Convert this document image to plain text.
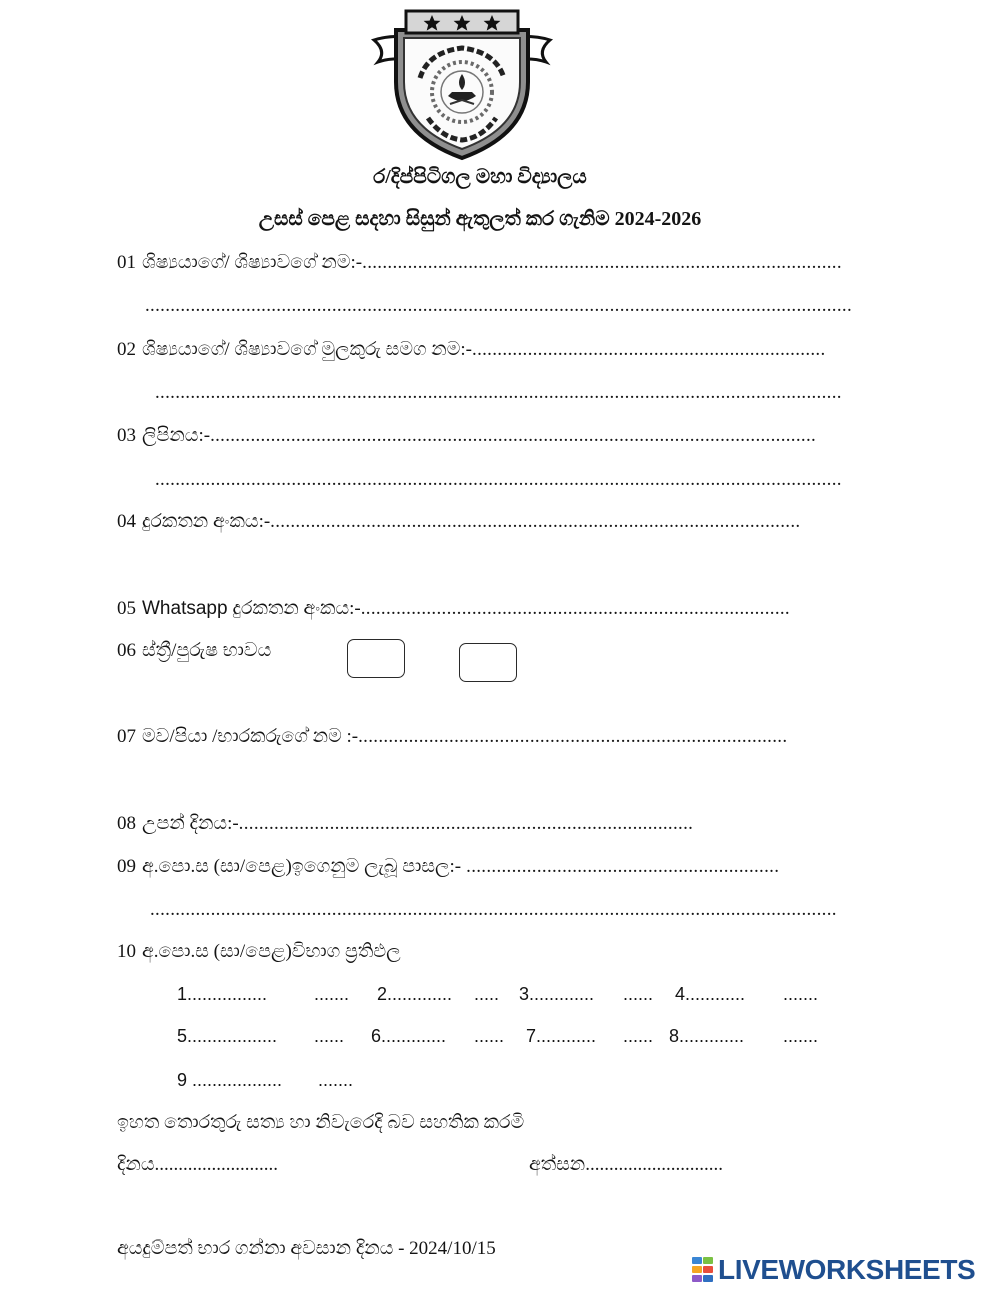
ර/දිප්පිටිගල මහා විද්‍යාලය
උසස් පෙළ සදහා සිසුන් ඇතුලත් කර ගැනිම 2024-2026
01 ශිෂ්‍යයාගේ/ ශිෂ්‍යාවගේ නම:- ...............................................................................................
............................................................................................................................................
02 ශිෂ්‍යයාගේ/ ශිෂ්‍යාවගේ මුලකුරු සමග නම:- ......................................................................
........................................................................................................................................
03 ලිපිනය:- ........................................................................................................................
........................................................................................................................................
04 දුරකතන අංකය:- .........................................................................................................
05 Whatsapp දුරකතන අංකය:- .....................................................................................
06 ස්ත්‍රී/පුරුෂ භාවය
07 මව/පියා /භාරකරුගේ නම :- .....................................................................................
08 උපන් දිනය:- ..........................................................................................
09 අ.පො.ස (සා/පෙළ)ඉගෙනුම ලැබූ පාසල:- ..............................................................
........................................................................................................................................
10 අ.පො.ස (සා/පෙළ)විභාග ප්‍රතිඵල
1................	....... 2............. ..... 3............. ...... 4............ .......
5.................. ...... 6............. ...... 7............ ...... 8............. .......
9 .................. .......
ඉහත තොරතුරු සත්‍ය හා නිවැරෙදි බව සහතික කරමි
දිනය..........................	අත්සන.............................
අයදුම්පත් භාර ගන්නා අවසාන දිනය - 2024/10/15
LIVEWORKSHEETS
